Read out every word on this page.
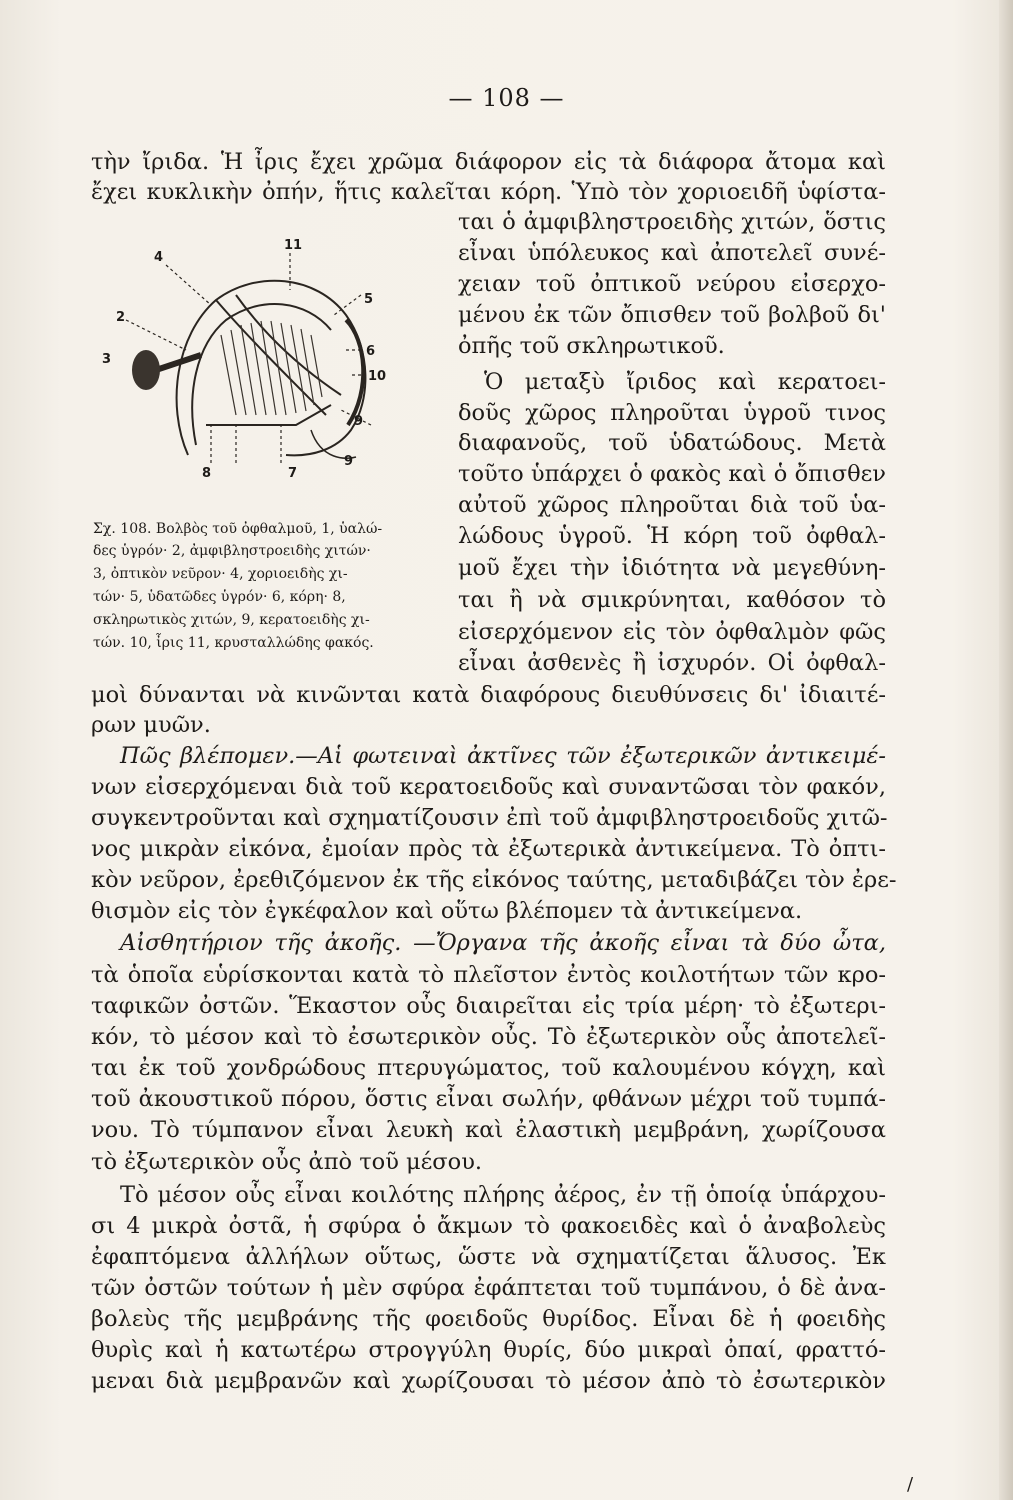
— 108 —
τὴν ἴριδα. Ἡ ἶρις ἔχει χρῶμα διάφορον εἰς τὰ διάφορα ἄτομα καὶ
ἔχει κυκλικὴν ὀπήν, ἥτις καλεῖται κόρη. Ὑπὸ τὸν χοριοειδῆ ὑφίστα-
ται ὁ ἀμφιβληστροειδὴς χιτών, ὅστις
εἶναι ὑπόλευκος καὶ ἀποτελεῖ συνέ-
χειαν τοῦ ὀπτικοῦ νεύρου εἰσερχο-
μένου ἐκ τῶν ὄπισθεν τοῦ βολβοῦ δι'
ὀπῆς τοῦ σκληρωτικοῦ.
Ὁ μεταξὺ ἴριδος καὶ κερατοει-
δοῦς χῶρος πληροῦται ὑγροῦ τινος
διαφανοῦς, τοῦ ὑδατώδους. Μετὰ
τοῦτο ὑπάρχει ὁ φακὸς καὶ ὁ ὄπισθεν
αὐτοῦ χῶρος πληροῦται διὰ τοῦ ὑα-
λώδους ὑγροῦ. Ἡ κόρη τοῦ ὀφθαλ-
μοῦ ἔχει τὴν ἰδιότητα νὰ μεγεθύνη-
ται ἢ νὰ σμικρύνηται, καθόσον τὸ
εἰσερχόμενον εἰς τὸν ὀφθαλμὸν φῶς
εἶναι ἀσθενὲς ἢ ἰσχυρόν. Οἱ ὀφθαλ-
11
4
5
2
6
3
10
9
8	7
9
Σχ. 108. Βολβὸς τοῦ ὀφθαλμοῦ, 1, ὑαλώ-
δες ὑγρόν· 2, ἀμφιβληστροειδὴς χιτών·
3, ὀπτικὸν νεῦρον· 4, χοριοειδὴς χι-
τών· 5, ὑδατῶδες ὑγρόν· 6, κόρη· 8,
σκληρωτικὸς χιτών, 9, κερατοειδὴς χι-
τών. 10, ἶρις 11, κρυσταλλώδης φακός.
μοὶ δύνανται νὰ κινῶνται κατὰ διαφόρους διευθύνσεις δι' ἰδιαιτέ-
ρων μυῶν.
Πῶς βλέπομεν.—Αἱ φωτειναὶ ἀκτῖνες τῶν ἐξωτερικῶν ἀντικειμέ-
νων εἰσερχόμεναι διὰ τοῦ κερατοειδοῦς καὶ συναντῶσαι τὸν φακόν,
συγκεντροῦνται καὶ σχηματίζουσιν ἐπὶ τοῦ ἀμφιβληστροειδοῦς χιτῶ-
νος μικρὰν εἰκόνα, ἐμοίαν πρὸς τὰ ἐξωτερικὰ ἀντικείμενα. Τὸ ὀπτι-
κὸν νεῦρον, ἐρεθιζόμενον ἐκ τῆς εἰκόνος ταύτης, μεταδιβάζει τὸν ἐρε-
θισμὸν εἰς τὸν ἐγκέφαλον καὶ οὕτω βλέπομεν τὰ ἀντικείμενα.
Αἰσθητήριον τῆς ἀκοῆς. —Ὄργανα τῆς ἀκοῆς εἶναι τὰ δύο ὦτα,
τὰ ὁποῖα εὑρίσκονται κατὰ τὸ πλεῖστον ἐντὸς κοιλοτήτων τῶν κρο-
ταφικῶν ὀστῶν. Ἕκαστον οὖς διαιρεῖται εἰς τρία μέρη· τὸ ἐξωτερι-
κόν, τὸ μέσον καὶ τὸ ἐσωτερικὸν οὖς. Τὸ ἐξωτερικὸν οὖς ἀποτελεῖ-
ται ἐκ τοῦ χονδρώδους πτερυγώματος, τοῦ καλουμένου κόγχη, καὶ
τοῦ ἀκουστικοῦ πόρου, ὅστις εἶναι σωλήν, φθάνων μέχρι τοῦ τυμπά-
νου. Τὸ τύμπανον εἶναι λευκὴ καὶ ἐλαστικὴ μεμβράνη, χωρίζουσα
τὸ ἐξωτερικὸν οὖς ἀπὸ τοῦ μέσου.
Τὸ μέσον οὖς εἶναι κοιλότης πλήρης ἀέρος, ἐν τῇ ὁποίᾳ ὑπάρχου-
σι 4 μικρὰ ὀστᾶ, ἡ σφύρα ὁ ἄκμων τὸ φακοειδὲς καὶ ὁ ἀναβολεὺς
ἐφαπτόμενα ἀλλήλων οὕτως, ὥστε νὰ σχηματίζεται ἅλυσος. Ἐκ
τῶν ὀστῶν τούτων ἡ μὲν σφύρα ἐφάπτεται τοῦ τυμπάνου, ὁ δὲ ἀνα-
βολεὺς τῆς μεμβράνης τῆς φοειδοῦς θυρίδος. Εἶναι δὲ ἡ φοειδὴς
θυρὶς καὶ ἡ κατωτέρω στρογγύλη θυρίς, δύο μικραὶ ὀπαί, φραττό-
μεναι διὰ μεμβρανῶν καὶ χωρίζουσαι τὸ μέσον ἀπὸ τὸ ἐσωτερικὸν
/
